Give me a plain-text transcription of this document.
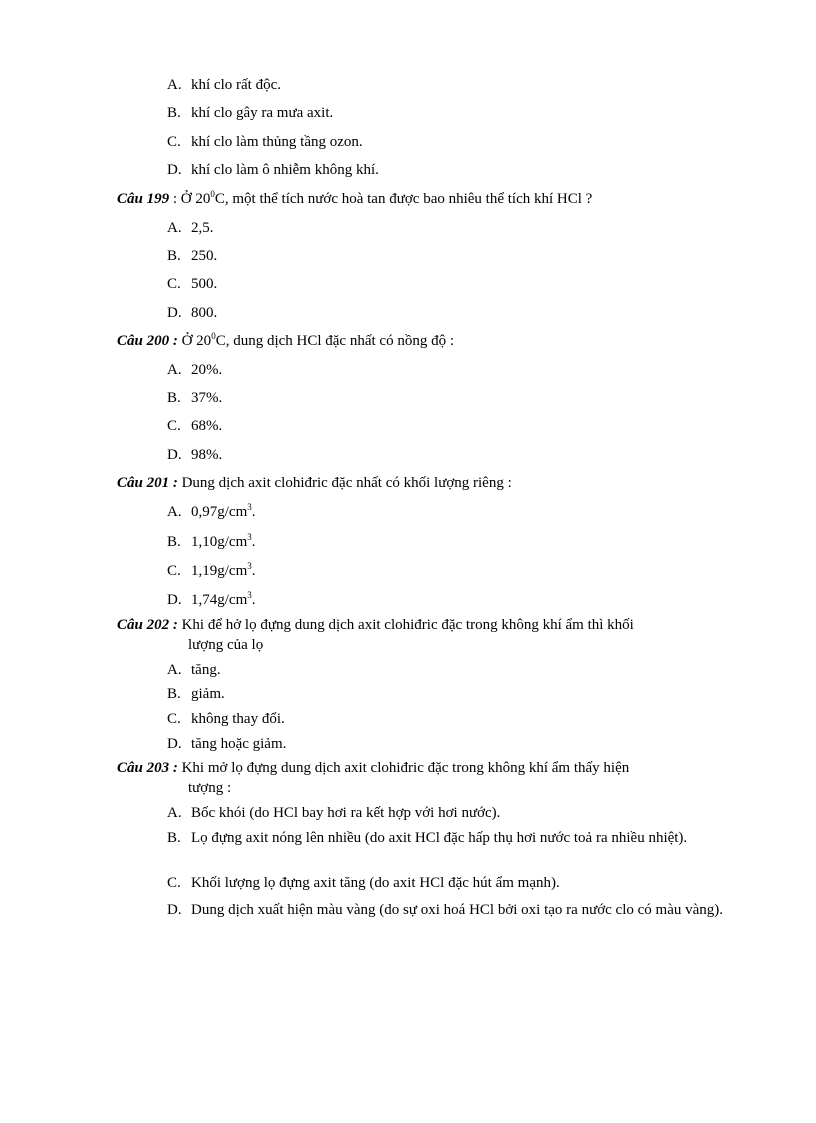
A. khí clo rất độc.
B. khí clo gây ra mưa axit.
C. khí clo làm thủng tầng ozon.
D. khí clo làm ô nhiễm không khí.
Câu 199 : Ở $20^0C$, một thể tích nước hoà tan được bao nhiêu thể tích khí HCl ?
A. 2,5.
B. 250.
C. 500.
D. 800.
Câu 200 : Ở $20^0C$, dung dịch HCl đặc nhất có nồng độ :
A. 20%.
B. 37%.
C. 68%.
D. 98%.
Câu 201 : Dung dịch axit clohiđric đặc nhất có khối lượng riêng :
A. $0,97g/cm^3$.
B. $1,10g/cm^3$.
C. $1,19g/cm^3$.
D. $1,74g/cm^3$.
Câu 202 : Khi để hở lọ đựng dung dịch axit clohiđric đặc trong không khí ẩm thì khối
lượng của lọ
A. tăng.
B. giảm.
C. không thay đổi.
D. tăng hoặc giảm.
Câu 203 : Khi mở lọ đựng dung dịch axit clohiđric đặc trong không khí ẩm thấy hiện
tượng :
A. Bốc khói (do HCl bay hơi ra kết hợp với hơi nước).
B. Lọ đựng axit nóng lên nhiều (do axit HCl đặc hấp thụ hơi nước toả ra nhiều nhiệt).
C. Khối lượng lọ đựng axit tăng (do axit HCl đặc hút ẩm mạnh).
D. Dung dịch xuất hiện màu vàng (do sự oxi hoá HCl bởi oxi tạo ra nước clo có màu vàng).
